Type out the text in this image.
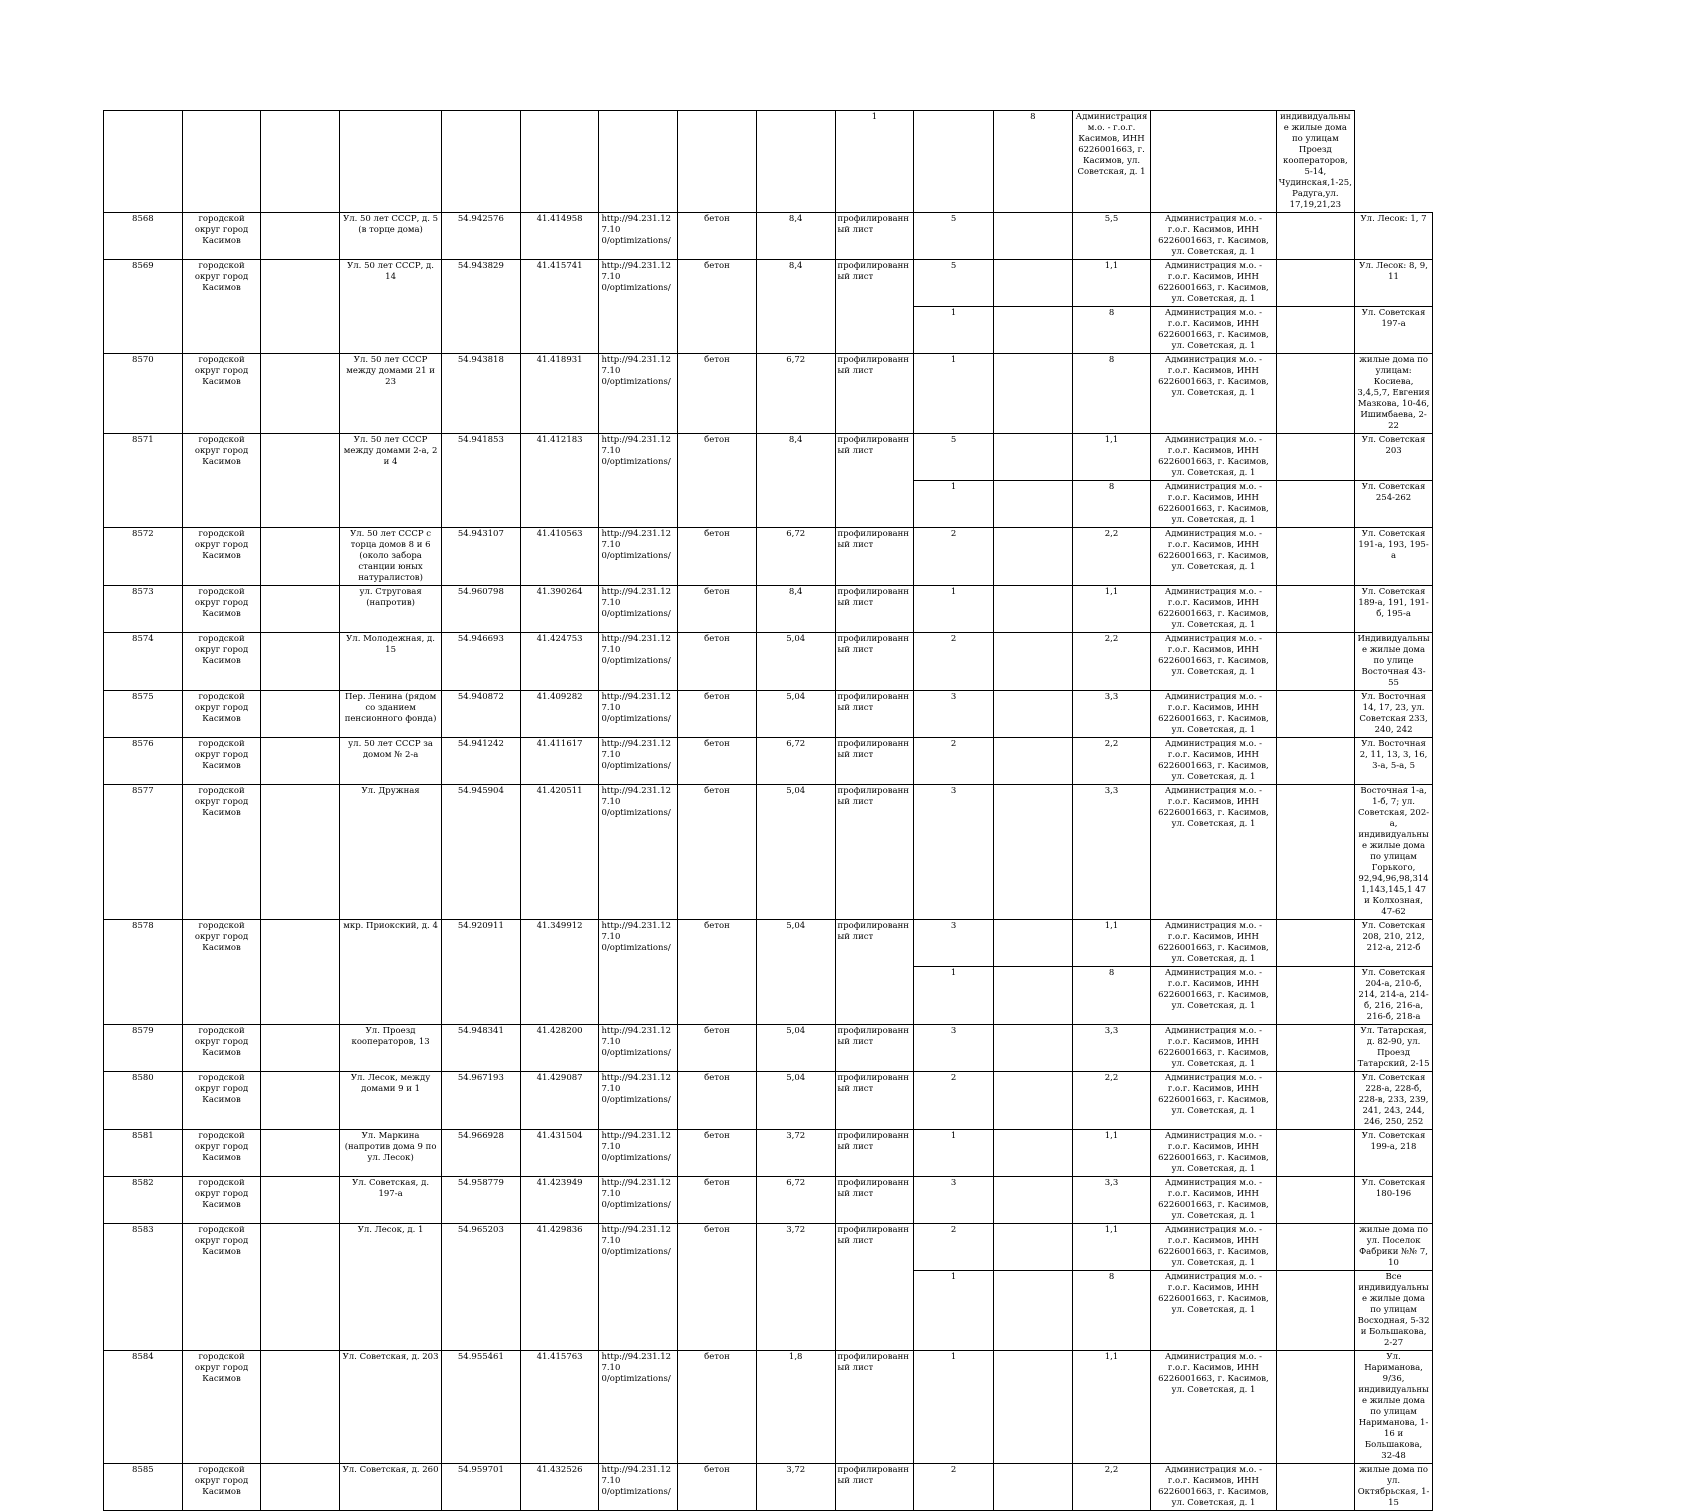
									1		8	Администрация м.о. - г.о.г. Касимов, ИНН 6226001663, г. Касимов, ул. Советская, д. 1		индивидуальные жилые дома по улицам Проезд кооператоров, 5-14, Чудинская,1-25, Радуга,ул. 17,19,21,23	
8568	городской округ город Касимов		Ул. 50 лет СССР, д. 5 (в торце дома)	54.942576	41.414958	http://94.231.127.10 0/optimizations/	бетон	8,4	профилированный лист	5		5,5	Администрация м.о. - г.о.г. Касимов, ИНН 6226001663, г. Касимов, ул. Советская, д. 1		Ул. Лесок: 1, 7
8569	городской округ город Касимов		Ул. 50 лет СССР, д. 14	54.943829	41.415741	http://94.231.127.10 0/optimizations/	бетон	8,4	профилированный лист	5		1,1	Администрация м.о. - г.о.г. Касимов, ИНН 6226001663, г. Касимов, ул. Советская, д. 1		Ул. Лесок: 8, 9, 11
										1		8	Администрация м.о. - г.о.г. Касимов, ИНН 6226001663, г. Касимов, ул. Советская, д. 1		Ул. Советская 197-а
8570	городской округ город Касимов		Ул. 50 лет СССР между домами 21 и 23	54.943818	41.418931	http://94.231.127.10 0/optimizations/	бетон	6,72	профилированный лист	1		8	Администрация м.о. - г.о.г. Касимов, ИНН 6226001663, г. Касимов, ул. Советская, д. 1		жилые дома по улицам: Косиева, 3,4,5,7, Евгения Мазкова, 10-46, Ишимбаева, 2-22
8571	городской округ город Касимов		Ул. 50 лет СССР между домами 2-а, 2 и 4	54.941853	41.412183	http://94.231.127.10 0/optimizations/	бетон	8,4	профилированный лист	5		1,1	Администрация м.о. - г.о.г. Касимов, ИНН 6226001663, г. Касимов, ул. Советская, д. 1		Ул. Советская 203
										1		8	Администрация м.о. - г.о.г. Касимов, ИНН 6226001663, г. Касимов, ул. Советская, д. 1		Ул. Советская 254-262
8572	городской округ город Касимов		Ул. 50 лет СССР с торца домов 8 и 6 (около забора станции юных натуралистов)	54.943107	41.410563	http://94.231.127.10 0/optimizations/	бетон	6,72	профилированный лист	2		2,2	Администрация м.о. - г.о.г. Касимов, ИНН 6226001663, г. Касимов, ул. Советская, д. 1		Ул. Советская 191-а, 193, 195-а
8573	городской округ город Касимов		ул. Струговая (напротив)	54.960798	41.390264	http://94.231.127.10 0/optimizations/	бетон	8,4	профилированный лист	1		1,1	Администрация м.о. - г.о.г. Касимов, ИНН 6226001663, г. Касимов, ул. Советская, д. 1		Ул. Советская 189-а, 191, 191-б, 195-а
8574	городской округ город Касимов		Ул. Молодежная, д. 15	54.946693	41.424753	http://94.231.127.10 0/optimizations/	бетон	5,04	профилированный лист	2		2,2	Администрация м.о. - г.о.г. Касимов, ИНН 6226001663, г. Касимов, ул. Советская, д. 1		Индивидуальные жилые дома по улице Восточная 43-55
8575	городской округ город Касимов		Пер. Ленина (рядом со зданием пенсионного фонда)	54.940872	41.409282	http://94.231.127.10 0/optimizations/	бетон	5,04	профилированный лист	3		3,3	Администрация м.о. - г.о.г. Касимов, ИНН 6226001663, г. Касимов, ул. Советская, д. 1		Ул. Восточная 14, 17, 23, ул. Советская 233, 240, 242
8576	городской округ город Касимов		ул. 50 лет СССР за домом № 2-а	54.941242	41.411617	http://94.231.127.10 0/optimizations/	бетон	6,72	профилированный лист	2		2,2	Администрация м.о. - г.о.г. Касимов, ИНН 6226001663, г. Касимов, ул. Советская, д. 1		Ул. Восточная 2, 11, 13, 3, 16, 3-а, 5-а, 5
8577	городской округ город Касимов		Ул. Дружная	54.945904	41.420511	http://94.231.127.10 0/optimizations/	бетон	5,04	профилированный лист	3		3,3	Администрация м.о. - г.о.г. Касимов, ИНН 6226001663, г. Касимов, ул. Советская, д. 1		Восточная 1-а, 1-б, 7; ул. Советская, 202-а, индивидуальные жилые дома по улицам Горького, 92,94,96,98,3141,143,145,1 47 и Колхозная, 47-62
8578	городской округ город Касимов		мкр. Приокский, д. 4	54.920911	41.349912	http://94.231.127.10 0/optimizations/	бетон	5,04	профилированный лист	3		1,1	Администрация м.о. - г.о.г. Касимов, ИНН 6226001663, г. Касимов, ул. Советская, д. 1		Ул. Советская 208, 210, 212, 212-а, 212-б
										1		8	Администрация м.о. - г.о.г. Касимов, ИНН 6226001663, г. Касимов, ул. Советская, д. 1		Ул. Советская 204-а, 210-б, 214, 214-а, 214-б, 216, 216-а, 216-б, 218-а
8579	городской округ город Касимов		Ул. Проезд кооператоров, 13	54.948341	41.428200	http://94.231.127.10 0/optimizations/	бетон	5,04	профилированный лист	3		3,3	Администрация м.о. - г.о.г. Касимов, ИНН 6226001663, г. Касимов, ул. Советская, д. 1		Ул. Татарская, д. 82-90, ул. Проезд Татарский, 2-15
8580	городской округ город Касимов		Ул. Лесок, между домами 9 и 1	54.967193	41.429087	http://94.231.127.10 0/optimizations/	бетон	5,04	профилированный лист	2		2,2	Администрация м.о. - г.о.г. Касимов, ИНН 6226001663, г. Касимов, ул. Советская, д. 1		Ул. Советская 228-а, 228-б, 228-в, 233, 239, 241, 243, 244, 246, 250, 252
8581	городской округ город Касимов		Ул. Маркина (напротив дома 9 по ул. Лесок)	54.966928	41.431504	http://94.231.127.10 0/optimizations/	бетон	3,72	профилированный лист	1		1,1	Администрация м.о. - г.о.г. Касимов, ИНН 6226001663, г. Касимов, ул. Советская, д. 1		Ул. Советская 199-а, 218
8582	городской округ город Касимов		Ул. Советская, д. 197-а	54.958779	41.423949	http://94.231.127.10 0/optimizations/	бетон	6,72	профилированный лист	3		3,3	Администрация м.о. - г.о.г. Касимов, ИНН 6226001663, г. Касимов, ул. Советская, д. 1		Ул. Советская 180-196
8583	городской округ город Касимов		Ул. Лесок, д. 1	54.965203	41.429836	http://94.231.127.10 0/optimizations/	бетон	3,72	профилированный лист	2		1,1	Администрация м.о. - г.о.г. Касимов, ИНН 6226001663, г. Касимов, ул. Советская, д. 1		жилые дома по ул. Поселок Фабрики №№ 7, 10
										1		8	Администрация м.о. - г.о.г. Касимов, ИНН 6226001663, г. Касимов, ул. Советская, д. 1		Все индивидуальные жилые дома по улицам Восходная, 5-32 и Большакова, 2-27
8584	городской округ город Касимов		Ул. Советская, д. 203	54.955461	41.415763	http://94.231.127.10 0/optimizations/	бетон	1,8	профилированный лист	1		1,1	Администрация м.о. - г.о.г. Касимов, ИНН 6226001663, г. Касимов, ул. Советская, д. 1		Ул. Наримановa, 9/36, индивидуальные жилые дома по улицам Нариманова, 1-16 и Большакова, 32-48
8585	городской округ город Касимов		Ул. Советская, д. 260	54.959701	41.432526	http://94.231.127.10 0/optimizations/	бетон	3,72	профилированный лист	2		2,2	Администрация м.о. - г.о.г. Касимов, ИНН 6226001663, г. Касимов, ул. Советская, д. 1		жилые дома по ул. Октябрьская, 1-15
